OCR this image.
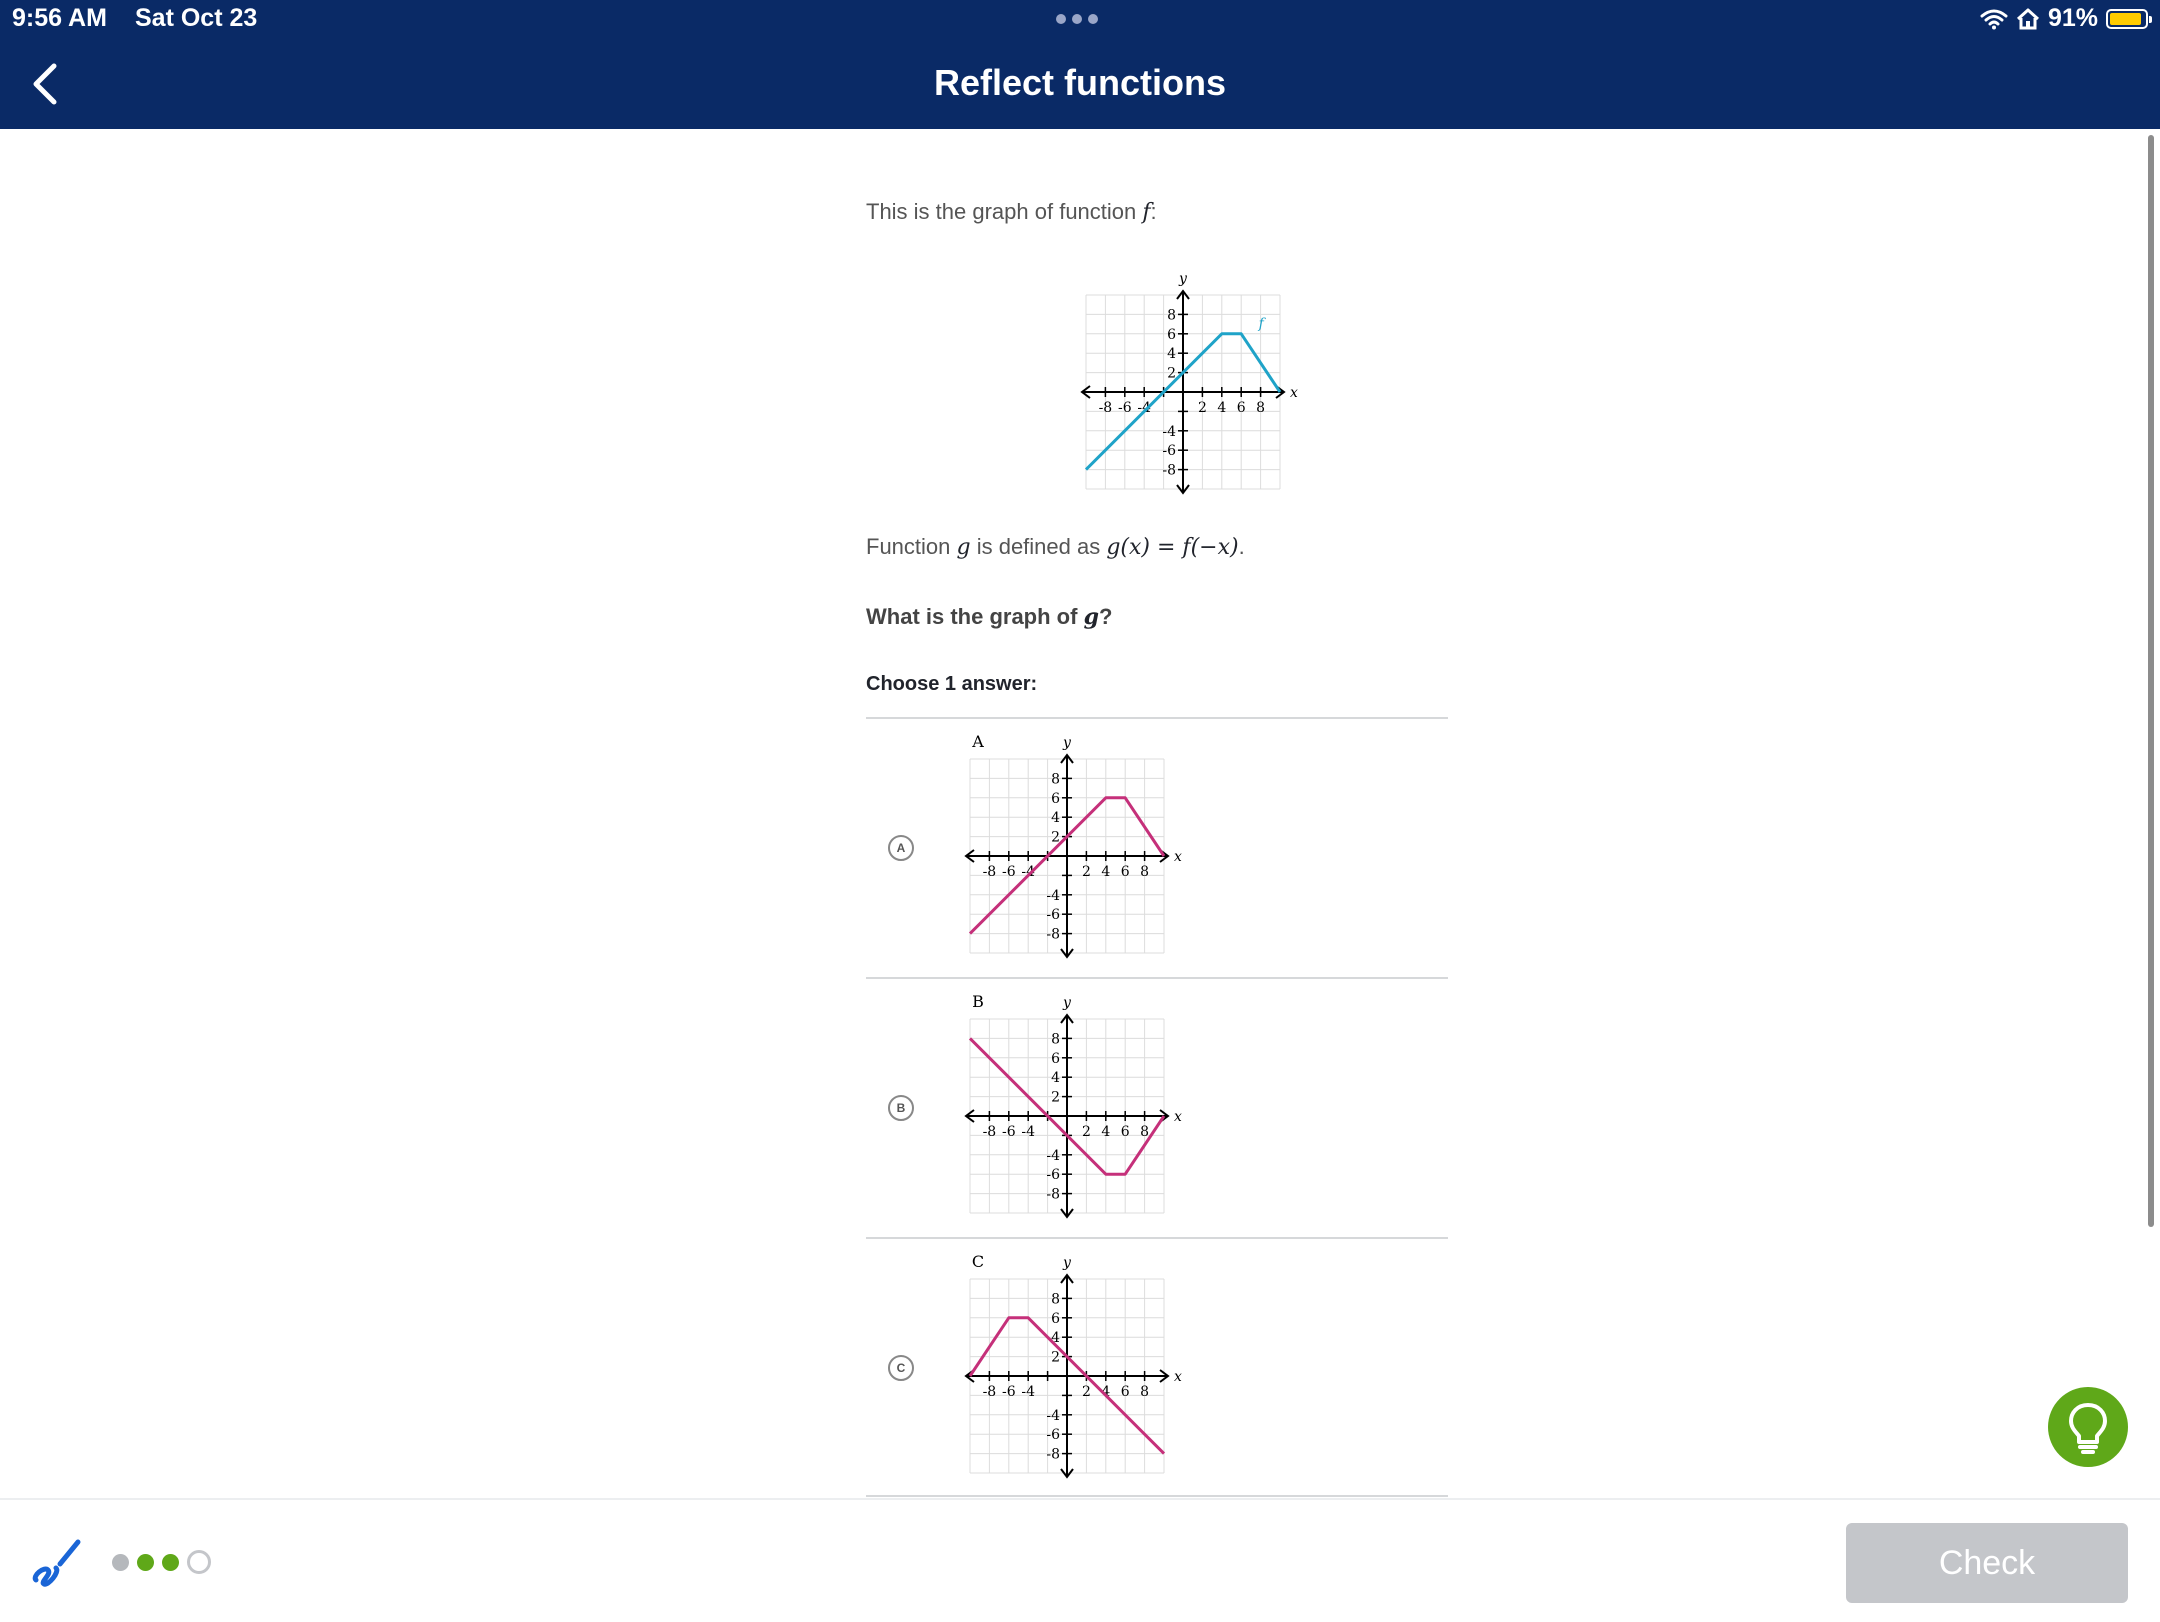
9:56 AM Sat Oct 23	91%
Reflect functions
This is the graph of function f:
-8
-8
-6
-6
-4
-4
2
2
4
4
6
6
8
8
x
y
f
Function g is defined as g(x) = f(−x).
What is the graph of g?
Choose 1 answer:
A
-8
-8
-6
-6
-4
-4
2
2
4
4
6
6
8
8
x
y
A
B
-8
-8
-6
-6
-4
-4
2
2
4
4
6
6
8
8
x
y
B
C
-8
-8
-6
-6
-4
-4
2
2
4
4
6
6
8
8
x
y
C
Check
